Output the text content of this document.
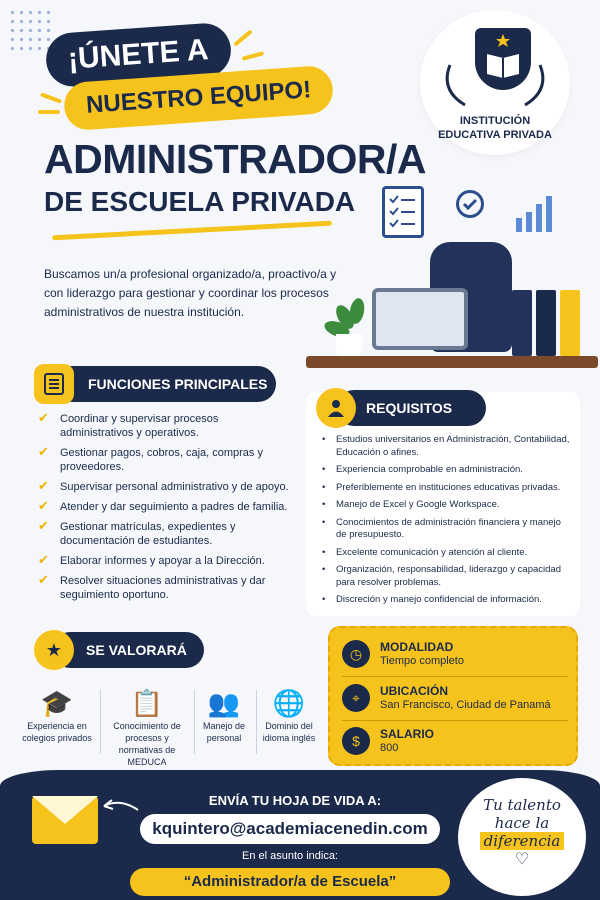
¡ÚNETE A
NUESTRO EQUIPO!
ADMINISTRADOR/A
DE ESCUELA PRIVADA

Buscamos un/a profesional organizado/a, proactivo/a y con liderazgo para gestionar y coordinar los procesos administrativos de nuestra institución.

INSTITUCIÓN
EDUCATIVA PRIVADA
FUNCIONES PRINCIPALES
✔ Coordinar y supervisar procesos administrativos y operativos.
✔ Gestionar pagos, cobros, caja, compras y proveedores.
✔ Supervisar personal administrativo y de apoyo.
✔ Atender y dar seguimiento a padres de familia.
✔ Gestionar matrículas, expedientes y documentación de estudiantes.
✔ Elaborar informes y apoyar a la Dirección.
✔ Resolver situaciones administrativas y dar seguimiento oportuno.
REQUISITOS
• Estudios universitarios en Administración, Contabilidad, Educación o afines.
• Experiencia comprobable en administración.
• Preferiblemente en instituciones educativas privadas.
• Manejo de Excel y Google Workspace.
• Conocimientos de administración financiera y manejo de presupuesto.
• Excelente comunicación y atención al cliente.
• Organización, responsabilidad, liderazgo y capacidad para resolver problemas.
• Discreción y manejo confidencial de información.
SE VALORARÁ
★
🎓
Experiencia en colegios privados
📋
Conocimiento de procesos y normativas de MEDUCA
👥
Manejo de personal
🌐
Dominio del idioma inglés
◷	MODALIDAD
Tiempo completo
⌖	UBICACIÓN
San Francisco, Ciudad de Panamá
$	SALARIO
800
ENVÍA TU HOJA DE VIDA A:
kquintero@academiacenedin.com
En el asunto indica:
“Administrador/a de Escuela”
Tu talento
hace la
diferencia
♡
